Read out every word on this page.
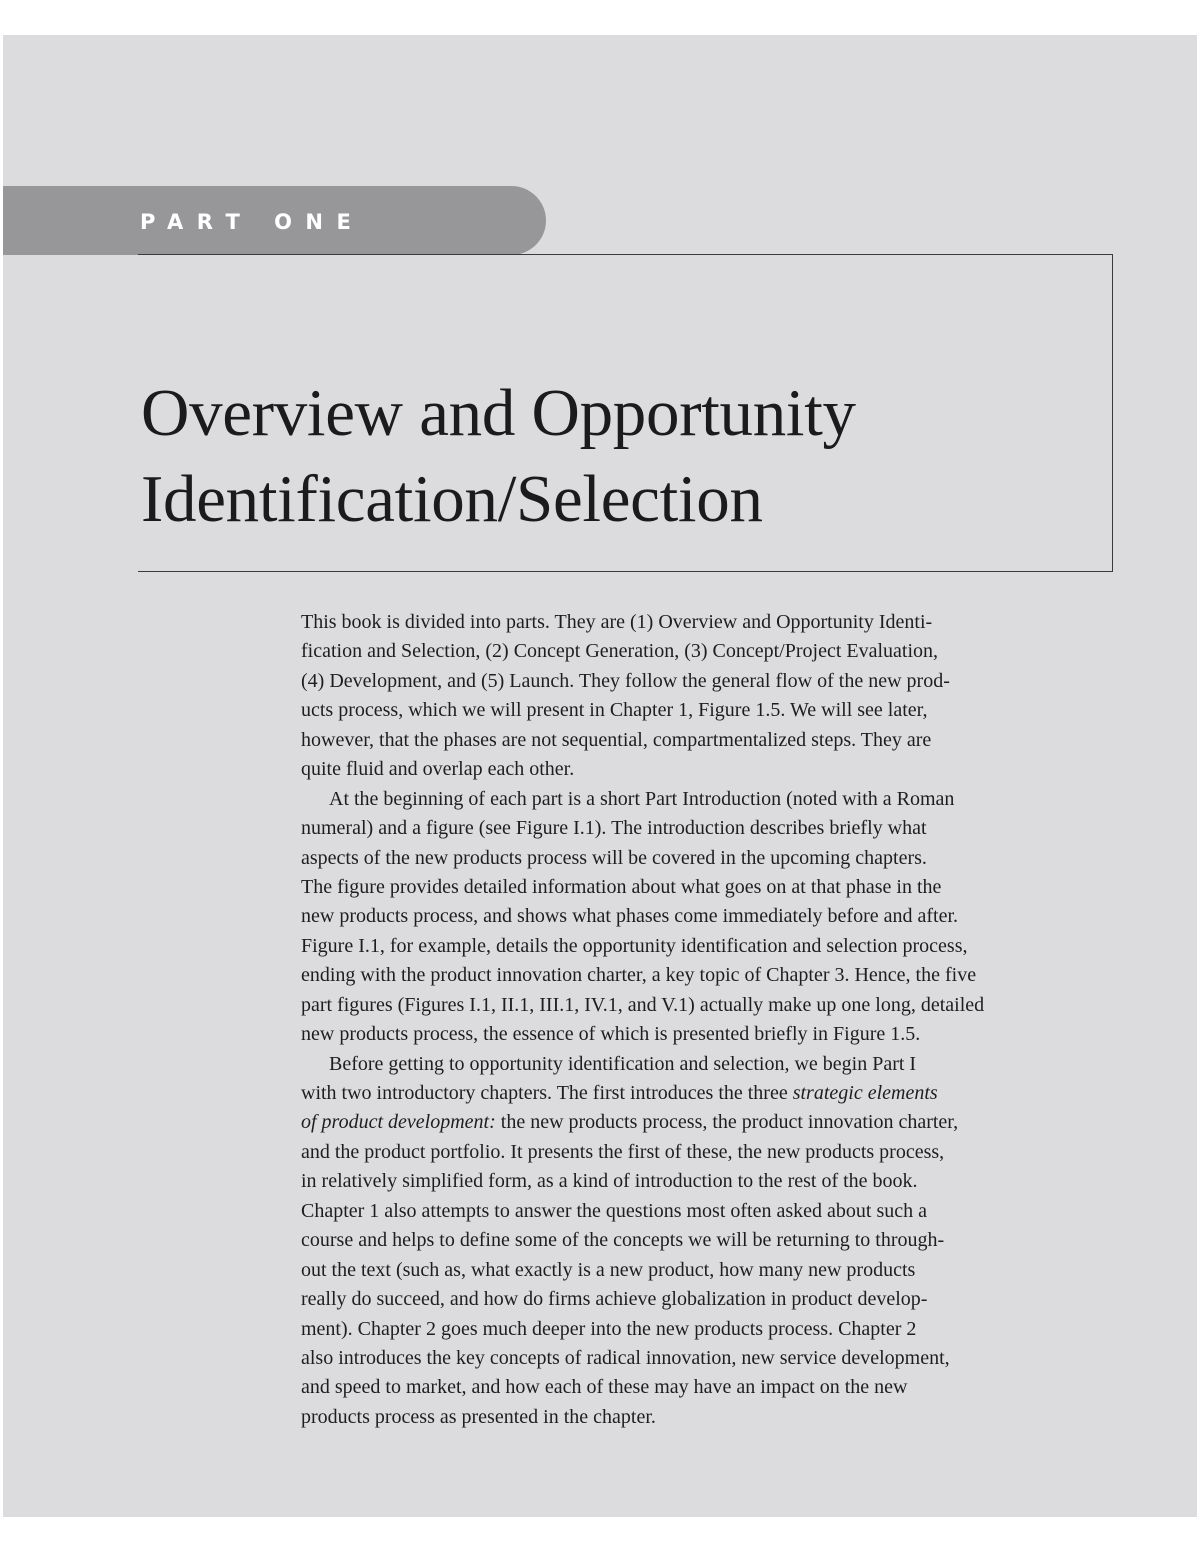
PART ONE
Overview and Opportunity
Identification/Selection
This book is divided into parts. They are (1) Overview and Opportunity Identi-
fication and Selection, (2) Concept Generation, (3) Concept/Project Evaluation,
(4) Development, and (5) Launch. They follow the general flow of the new prod-
ucts process, which we will present in Chapter 1, Figure 1.5. We will see later,
however, that the phases are not sequential, compartmentalized steps. They are
quite fluid and overlap each other.
At the beginning of each part is a short Part Introduction (noted with a Roman
numeral) and a figure (see Figure I.1). The introduction describes briefly what
aspects of the new products process will be covered in the upcoming chapters.
The figure provides detailed information about what goes on at that phase in the
new products process, and shows what phases come immediately before and after.
Figure I.1, for example, details the opportunity identification and selection process,
ending with the product innovation charter, a key topic of Chapter 3. Hence, the five
part figures (Figures I.1, II.1, III.1, IV.1, and V.1) actually make up one long, detailed
new products process, the essence of which is presented briefly in Figure 1.5.
Before getting to opportunity identification and selection, we begin Part I
with two introductory chapters. The first introduces the three strategic elements
of product development: the new products process, the product innovation charter,
and the product portfolio. It presents the first of these, the new products process,
in relatively simplified form, as a kind of introduction to the rest of the book.
Chapter 1 also attempts to answer the questions most often asked about such a
course and helps to define some of the concepts we will be returning to through-
out the text (such as, what exactly is a new product, how many new products
really do succeed, and how do firms achieve globalization in product develop-
ment). Chapter 2 goes much deeper into the new products process. Chapter 2
also introduces the key concepts of radical innovation, new service development,
and speed to market, and how each of these may have an impact on the new
products process as presented in the chapter.
